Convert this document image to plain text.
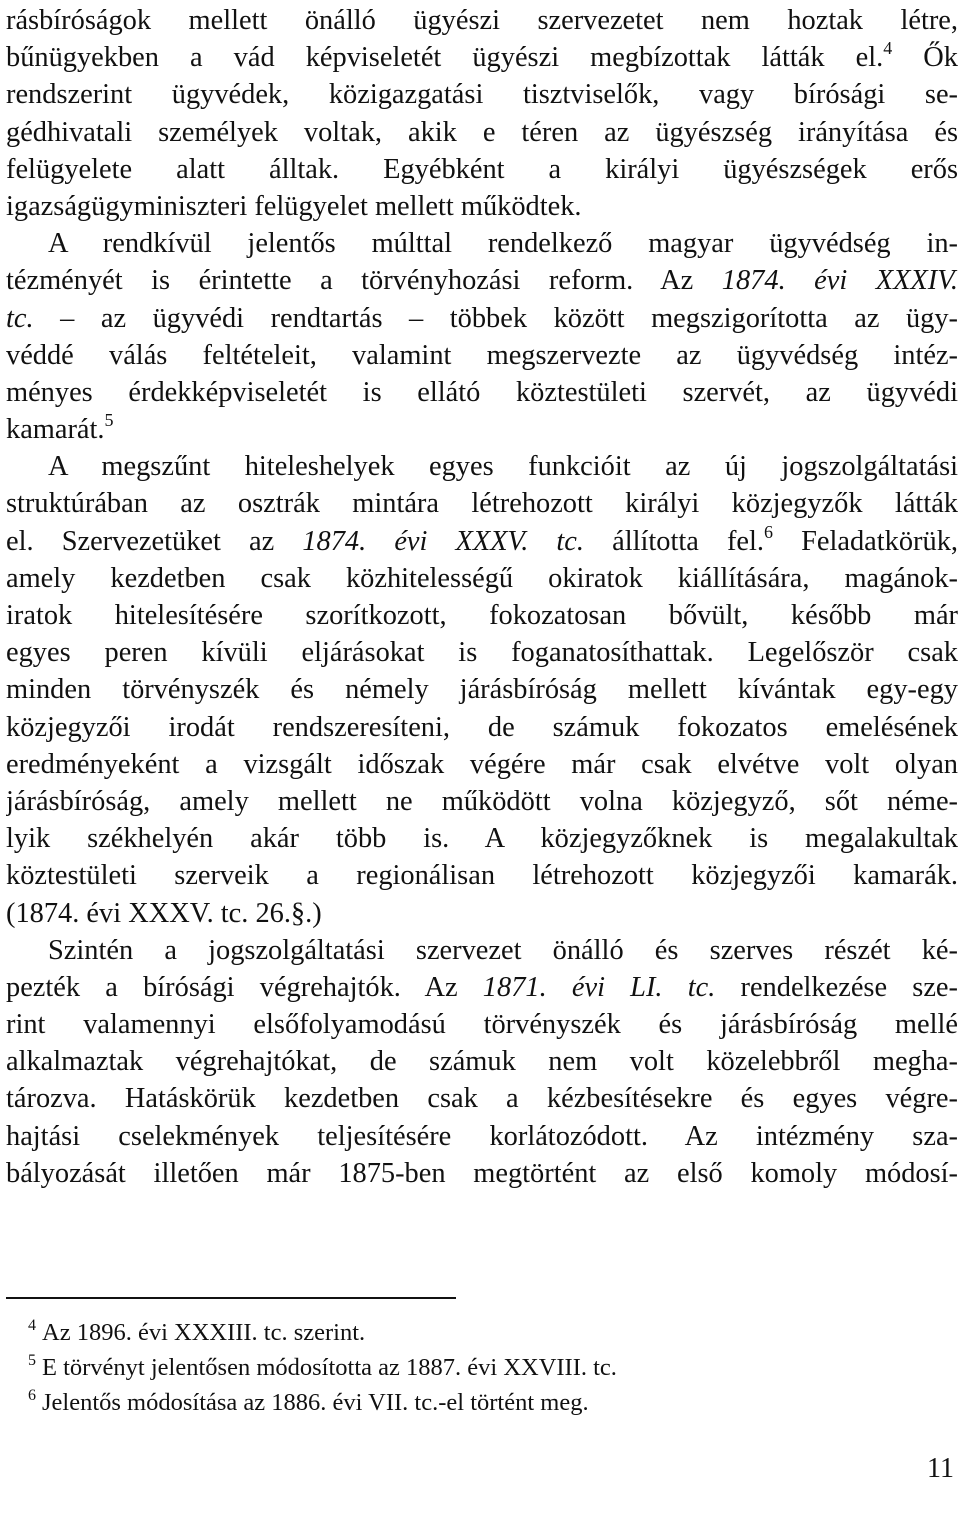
rásbíróságok mellett önálló ügyészi szervezetet nem hoztak létre,
bűnügyekben a vád képviseletét ügyészi megbízottak látták el.$^4$ Ők
rendszerint ügyvédek, közigazgatási tisztviselők, vagy bírósági se-
gédhivatali személyek voltak, akik e téren az ügyészség irányítása és
felügyelete alatt álltak. Egyébként a királyi ügyészségek erős
igazságügyminiszteri felügyelet mellett működtek.
A rendkívül jelentős múlttal rendelkező magyar ügyvédség in-
tézményét is érintette a törvényhozási reform. Az 1874. évi XXXIV.
tc. – az ügyvédi rendtartás – többek között megszigorította az ügy-
véddé válás feltételeit, valamint megszervezte az ügyvédség intéz-
ményes érdekképviseletét is ellátó köztestületi szervét, az ügyvédi
kamarát.$^5$
A megszűnt hiteleshelyek egyes funkcióit az új jogszolgáltatási
struktúrában az osztrák mintára létrehozott királyi közjegyzők látták
el. Szervezetüket az 1874. évi XXXV. tc. állította fel.$^6$ Feladatkörük,
amely kezdetben csak közhitelességű okiratok kiállítására, magánok-
iratok hitelesítésére szorítkozott, fokozatosan bővült, később már
egyes peren kívüli eljárásokat is foganatosíthattak. Legelőször csak
minden törvényszék és némely járásbíróság mellett kívántak egy-egy
közjegyzői irodát rendszeresíteni, de számuk fokozatos emelésének
eredményeként a vizsgált időszak végére már csak elvétve volt olyan
járásbíróság, amely mellett ne működött volna közjegyző, sőt néme-
lyik székhelyén akár több is. A közjegyzőknek is megalakultak
köztestületi szerveik a regionálisan létrehozott közjegyzői kamarák.
(1874. évi XXXV. tc. 26.§.)
Szintén a jogszolgáltatási szervezet önálló és szerves részét ké-
pezték a bírósági végrehajtók. Az 1871. évi LI. tc. rendelkezése sze-
rint valamennyi elsőfolyamodású törvényszék és járásbíróság mellé
alkalmaztak végrehajtókat, de számuk nem volt közelebbről megha-
tározva. Hatáskörük kezdetben csak a kézbesítésekre és egyes végre-
hajtási cselekmények teljesítésére korlátozódott. Az intézmény sza-
bályozását illetően már 1875-ben megtörtént az első komoly módosí-
$^4$ Az 1896. évi XXXIII. tc. szerint.
$^5$ E törvényt jelentősen módosította az 1887. évi XXVIII. tc.
$^6$ Jelentős módosítása az 1886. évi VII. tc.-el történt meg.
11
